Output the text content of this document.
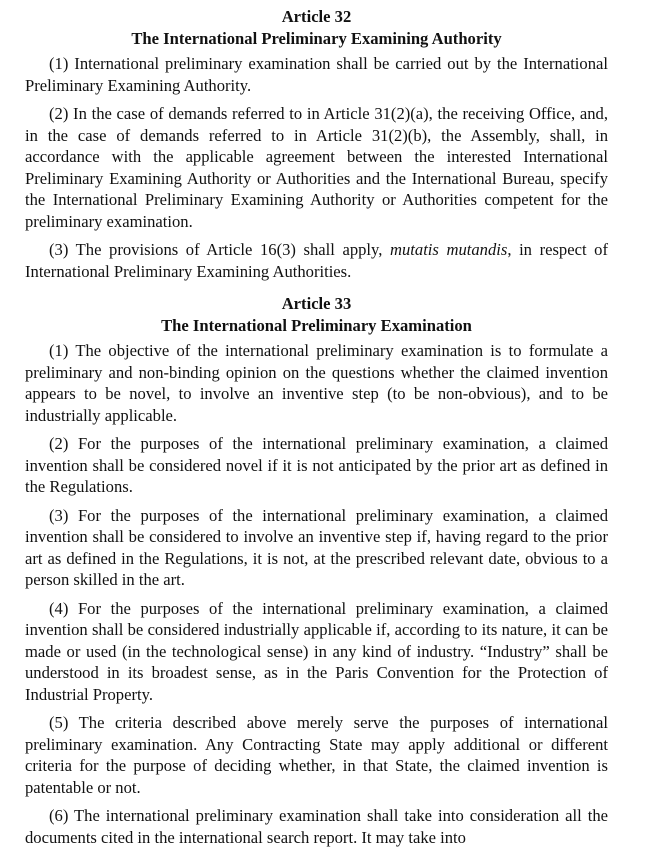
Article 32
The International Preliminary Examining Authority

(1) International preliminary examination shall be carried out by the International Preliminary Examining Authority.

(2) In the case of demands referred to in Article 31(2)(a), the receiving Office, and, in the case of demands referred to in Article 31(2)(b), the Assembly, shall, in accordance with the applicable agreement between the interested International Preliminary Examining Authority or Authorities and the International Bureau, specify the International Preliminary Examining Authority or Authorities competent for the preliminary examination.

(3) The provisions of Article 16(3) shall apply, mutatis mutandis, in respect of International Preliminary Examining Authorities.

Article 33
The International Preliminary Examination

(1) The objective of the international preliminary examination is to formulate a preliminary and non-binding opinion on the questions whether the claimed invention appears to be novel, to involve an inventive step (to be non-obvious), and to be industrially applicable.

(2) For the purposes of the international preliminary examination, a claimed invention shall be considered novel if it is not anticipated by the prior art as defined in the Regulations.

(3) For the purposes of the international preliminary examination, a claimed invention shall be considered to involve an inventive step if, having regard to the prior art as defined in the Regulations, it is not, at the prescribed relevant date, obvious to a person skilled in the art.

(4) For the purposes of the international preliminary examination, a claimed invention shall be considered industrially applicable if, according to its nature, it can be made or used (in the technological sense) in any kind of industry. “Industry” shall be understood in its broadest sense, as in the Paris Convention for the Protection of Industrial Property.

(5) The criteria described above merely serve the purposes of international preliminary examination. Any Contracting State may apply additional or different criteria for the purpose of deciding whether, in that State, the claimed invention is patentable or not.

(6) The international preliminary examination shall take into consideration all the documents cited in the international search report. It may take into
